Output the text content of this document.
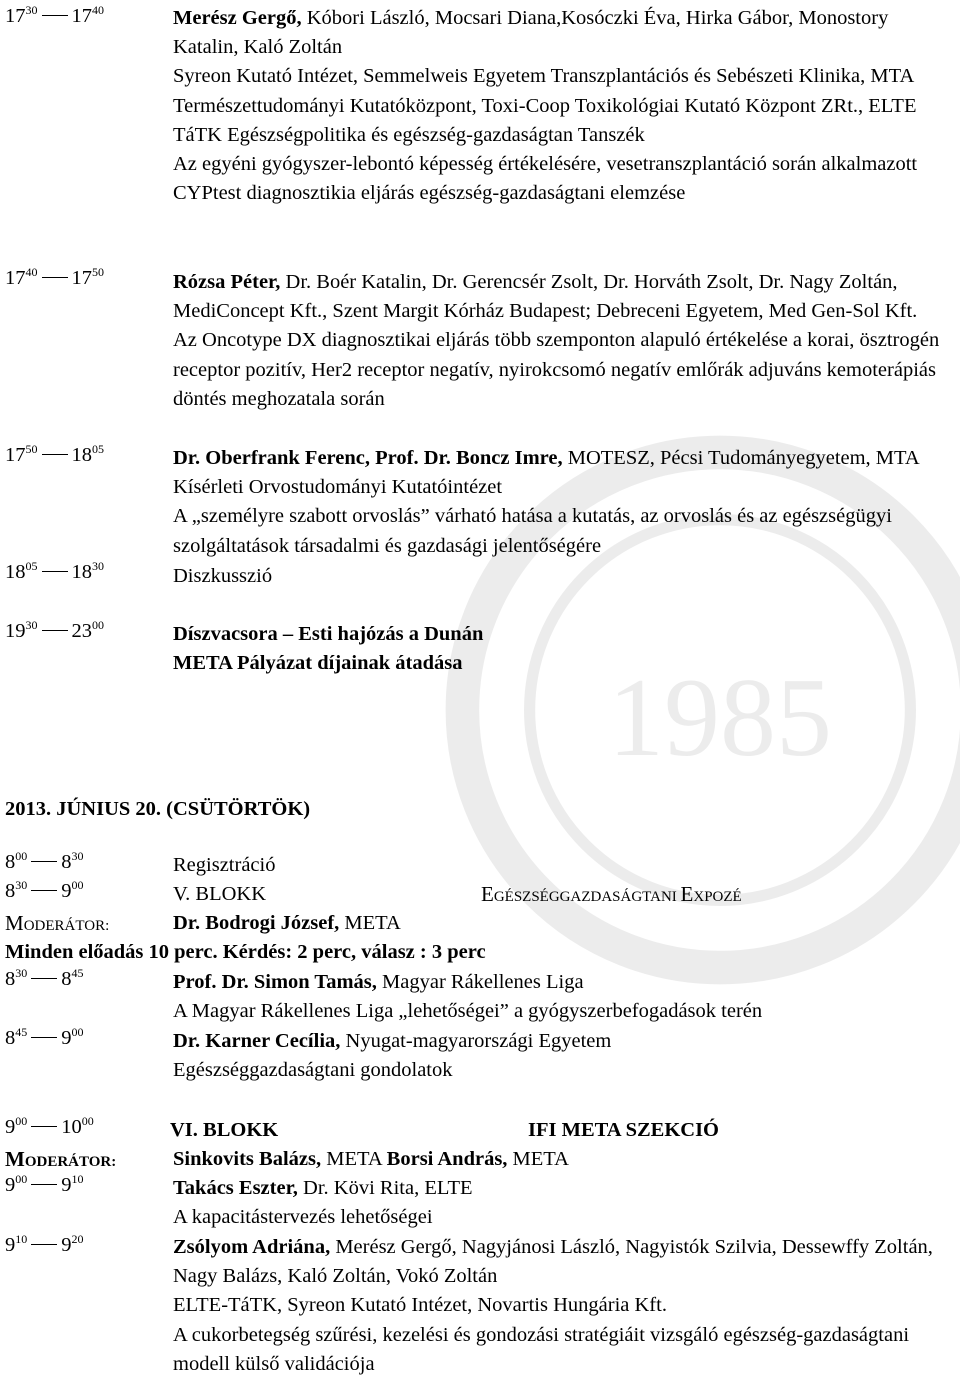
1985
$17^{30}$ $17^{40}$	Merész Gergő, Kóbori László, Mocsari Diana,Kosóczki Éva, Hirka Gábor, Monostory Katalin, Kaló Zoltán

Syreon Kutató Intézet, Semmelweis Egyetem Transzplantációs és Sebészeti Klinika, MTA Természettudományi Kutatóközpont, Toxi-Coop Toxikológiai Kutató Központ ZRt., ELTE TáTK Egészségpolitika és egészség-gazdaságtan Tanszék

Az egyéni gyógyszer-lebontó képesség értékelésére, vesetranszplantáció során alkalmazott CYPtest diagnosztikia eljárás egészség-gazdaságtani elemzése

$17^{40}$ $17^{50}$	Rózsa Péter, Dr. Boér Katalin, Dr. Gerencsér Zsolt, Dr. Horváth Zsolt, Dr. Nagy Zoltán, MediConcept Kft., Szent Margit Kórház Budapest; Debreceni Egyetem, Med Gen-Sol Kft.

Az Oncotype DX diagnosztikai eljárás több szemponton alapuló értékelése a korai, ösztrogén receptor pozitív, Her2 receptor negatív, nyirokcsomó negatív emlőrák adjuváns kemoterápiás döntés meghozatala során

$17^{50}$ $18^{05}$	Dr. Oberfrank Ferenc, Prof. Dr. Boncz Imre, MOTESZ, Pécsi Tudományegyetem, MTA Kísérleti Orvostudományi Kutatóintézet

A „személyre szabott orvoslás” várható hatása a kutatás, az orvoslás és az egészségügyi szolgáltatások társadalmi és gazdasági jelentőségére

$18^{05}$ $18^{30}$	Diszkusszió

$19^{30}$ $23^{00}$	Díszvacsora – Esti hajózás a Dunán

META Pályázat díjainak átadása

2013. JÚNIUS 20. (CSÜTÖRTÖK)
$8^{00}$ $8^{30}$	Regisztráció

$8^{30}$ $9^{00}$	V. BLOKK	EGÉSZSÉGGAZDASÁGTANI EXPOZÉ

MODERÁTOR:	Dr. Bodrogi József, META

Minden előadás 10 perc. Kérdés: 2 perc, válasz : 3 perc
$8^{30}$ $8^{45}$	Prof. Dr. Simon Tamás, Magyar Rákellenes Liga

A Magyar Rákellenes Liga „lehetőségei” a gyógyszerbefogadások terén

$8^{45}$ $9^{00}$	Dr. Karner Cecília, Nyugat-magyarországi Egyetem

Egészséggazdaságtani gondolatok

$9^{00}$ $10^{00}$	VI. BLOKK	IFI META SZEKCIÓ

MODERÁTOR:	Sinkovits Balázs, META Borsi András, META

$9^{00}$ $9^{10}$	Takács Eszter, Dr. Kövi Rita, ELTE

A kapacitástervezés lehetőségei

$9^{10}$ $9^{20}$	Zsólyom Adriána, Merész Gergő, Nagyjánosi László, Nagyistók Szilvia, Dessewffy Zoltán, Nagy Balázs, Kaló Zoltán, Vokó Zoltán

ELTE-TáTK, Syreon Kutató Intézet, Novartis Hungária Kft.

A cukorbetegség szűrési, kezelési és gondozási stratégiáit vizsgáló egészség-gazdaságtani modell külső validációja
